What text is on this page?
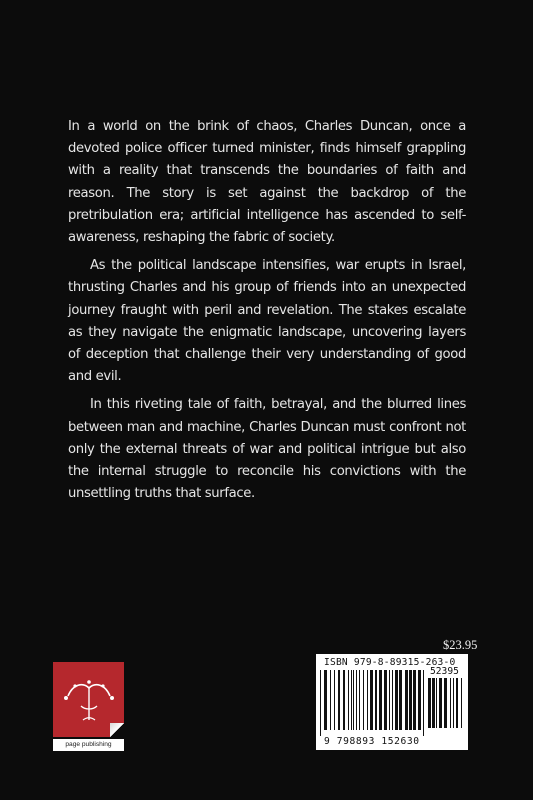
In a world on the brink of chaos, Charles Duncan, once a devoted police officer turned minister, finds himself grappling with a reality that transcends the boundaries of faith and reason. The story is set against the backdrop of the pretribulation era; artificial intelligence has ascended to self-awareness, reshaping the fabric of society.

As the political landscape intensifies, war erupts in Israel, thrusting Charles and his group of friends into an unexpected journey fraught with peril and revelation. The stakes escalate as they navigate the enigmatic landscape, uncovering layers of deception that challenge their very understanding of good and evil.

In this riveting tale of faith, betrayal, and the blurred lines between man and machine, Charles Duncan must confront not only the external threats of war and political intrigue but also the internal struggle to reconcile his convictions with the unsettling truths that surface.

$23.95
ISBN 979-8-89315-263-0
52395
9 798893 152630
page publishing
